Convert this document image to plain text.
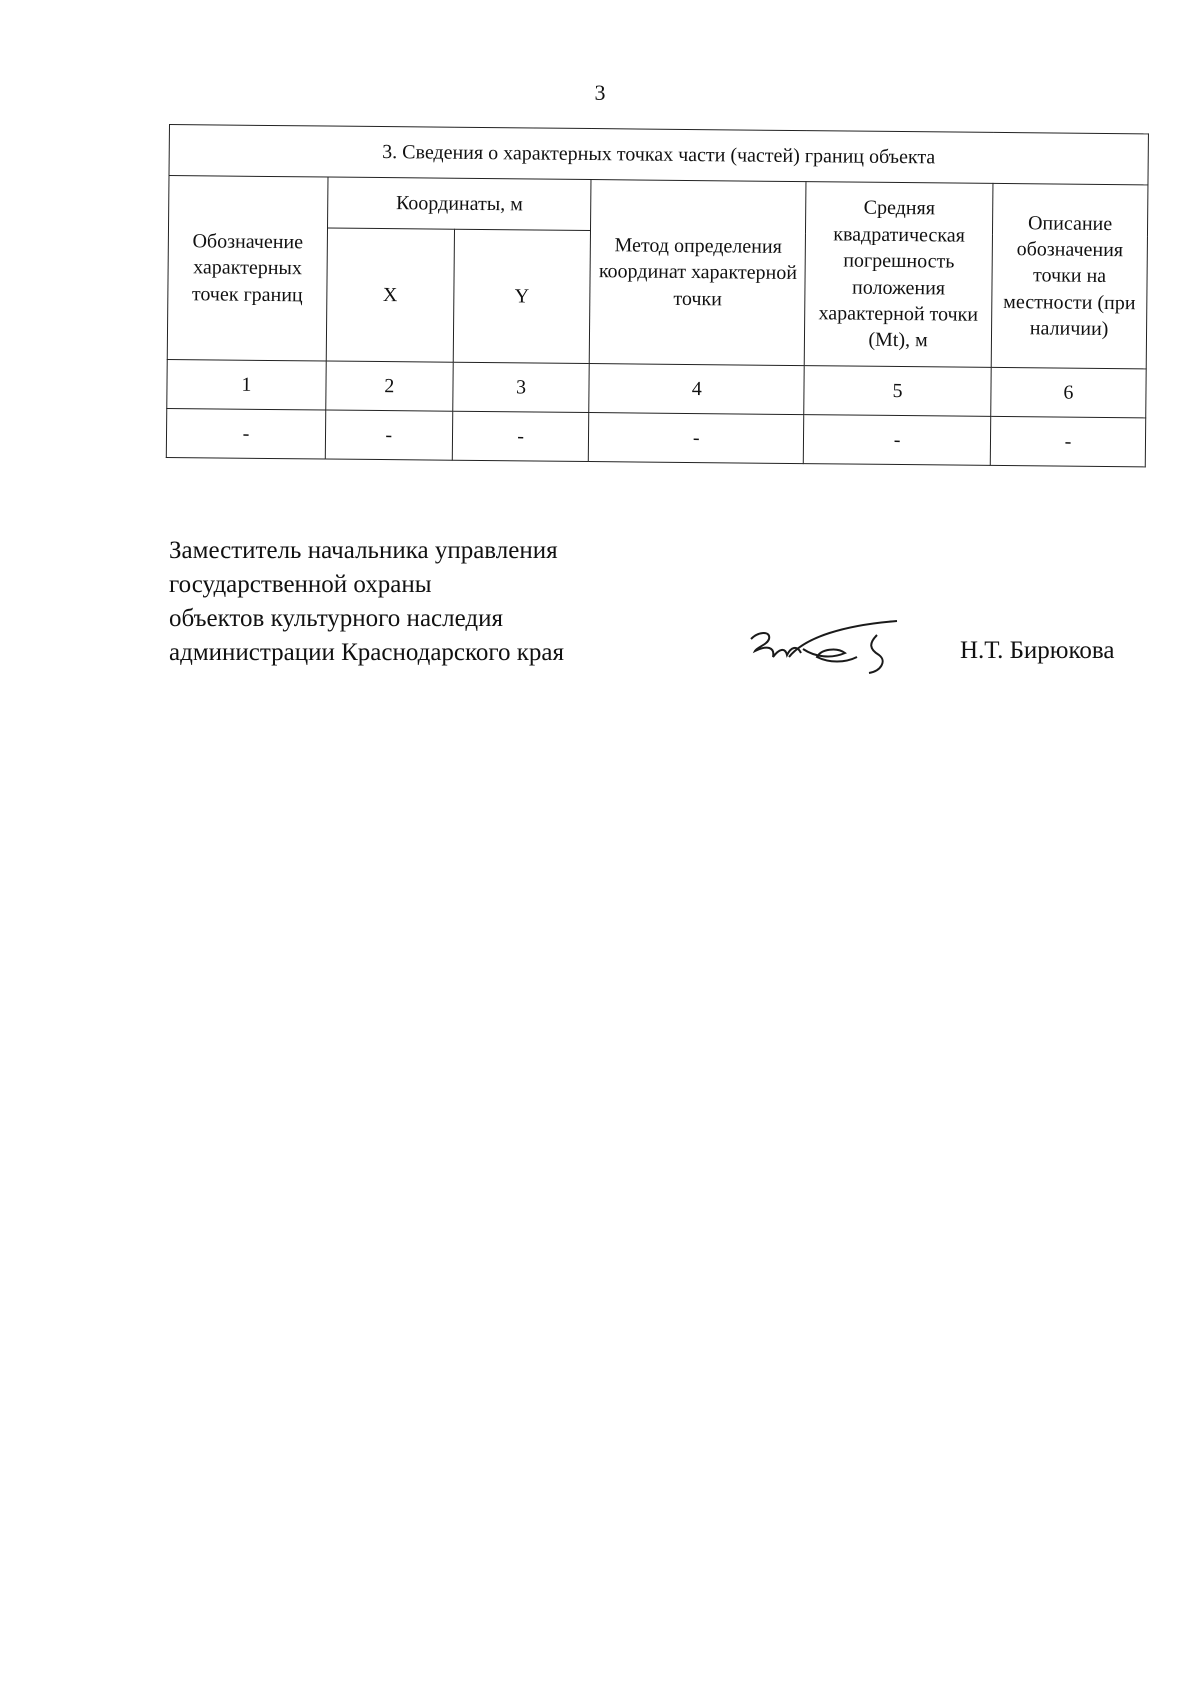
3
3. Сведения о характерных точках части (частей) границ объекта					
Обозначение характерных точек границ	Координаты, м		Метод определения координат характерной точки	Средняя квадратическая погрешность положения характерной точки (Мt), м	Описание обозначения точки на местности (при наличии)
	X	Y			
1	2	3	4	5	6
-	-	-	-	-	-
Заместитель начальника управления
государственной охраны
объектов культурного наследия
администрации Краснодарского края	Н.Т. Бирюкова
